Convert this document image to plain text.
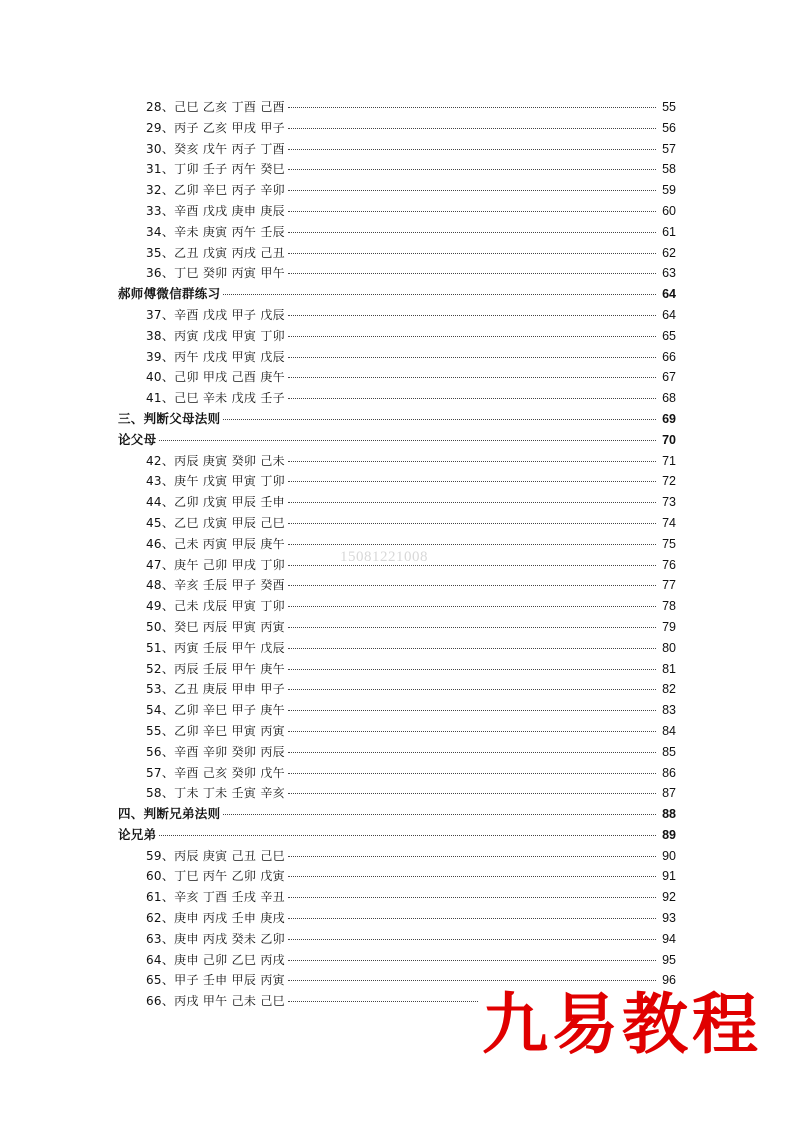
28、己巳 乙亥 丁酉 己酉	55
29、丙子 乙亥 甲戌 甲子	56
30、癸亥 戊午 丙子 丁酉	57
31、丁卯 壬子 丙午 癸巳	58
32、乙卯 辛巳 丙子 辛卯	59
33、辛酉 戊戌 庚申 庚辰	60
34、辛未 庚寅 丙午 壬辰	61
35、乙丑 戊寅 丙戌 己丑	62
36、丁巳 癸卯 丙寅 甲午	63
郝师傅微信群练习	64
37、辛酉 戊戌 甲子 戊辰	64
38、丙寅 戊戌 甲寅 丁卯	65
39、丙午 戊戌 甲寅 戊辰	66
40、己卯 甲戌 己酉 庚午	67
41、己巳 辛未 戊戌 壬子	68
三、判断父母法则	69
论父母	70
42、丙辰 庚寅 癸卯 己未	71
43、庚午 戊寅 甲寅 丁卯	72
44、乙卯 戊寅 甲辰 壬申	73
45、乙巳 戊寅 甲辰 己巳	74
46、己未 丙寅 甲辰 庚午	75
47、庚午 己卯 甲戌 丁卯	76
48、辛亥 壬辰 甲子 癸酉	77
49、己未 戊辰 甲寅 丁卯	78
50、癸巳 丙辰 甲寅 丙寅	79
51、丙寅 壬辰 甲午 戊辰	80
52、丙辰 壬辰 甲午 庚午	81
53、乙丑 庚辰 甲申 甲子	82
54、乙卯 辛巳 甲子 庚午	83
55、乙卯 辛巳 甲寅 丙寅	84
56、辛酉 辛卯 癸卯 丙辰	85
57、辛酉 己亥 癸卯 戊午	86
58、丁未 丁未 壬寅 辛亥	87
四、判断兄弟法则	88
论兄弟	89
59、丙辰 庚寅 己丑 己巳	90
60、丁巳 丙午 乙卯 戊寅	91
61、辛亥 丁酉 壬戌 辛丑	92
62、庚申 丙戌 壬申 庚戌	93
63、庚申 丙戌 癸未 乙卯	94
64、庚申 己卯 乙巳 丙戌	95
65、甲子 壬申 甲辰 丙寅	96
66、丙戌 甲午 己未 己巳
15081221008
九易教程
